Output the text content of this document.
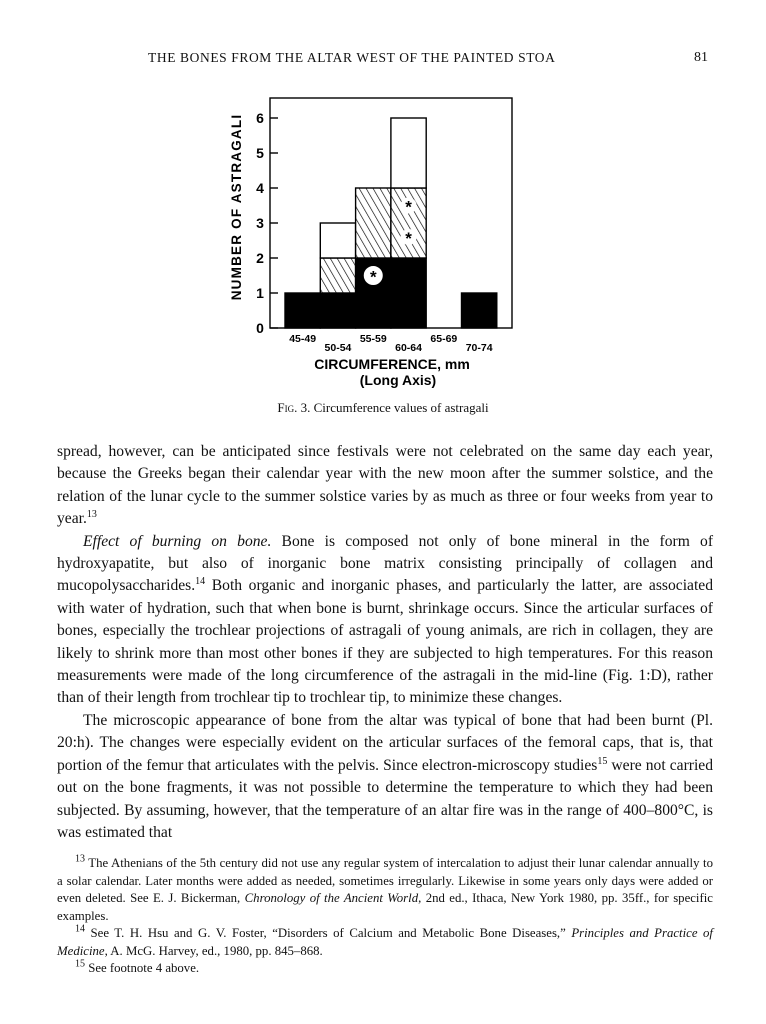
THE BONES FROM THE ALTAR WEST OF THE PAINTED STOA	81
0
1
2
3
4
5
6
*
*
*
45-49	55-59	65-69
50-54	60-64	70-74
NUMBER OF ASTRAGALI
CIRCUMFERENCE, mm
(Long Axis)
Fig. 3. Circumference values of astragali

spread, however, can be anticipated since festivals were not celebrated on the same day each year, because the Greeks began their calendar year with the new moon after the summer solstice, and the relation of the lunar cycle to the summer solstice varies by as much as three or four weeks from year to year.$^{13}$

Effect of burning on bone. Bone is composed not only of bone mineral in the form of hydroxyapatite, but also of inorganic bone matrix consisting principally of collagen and mucopolysaccharides.$^{14}$ Both organic and inorganic phases, and particularly the latter, are associated with water of hydration, such that when bone is burnt, shrinkage occurs. Since the articular surfaces of bones, especially the trochlear projections of astragali of young animals, are rich in collagen, they are likely to shrink more than most other bones if they are subjected to high temperatures. For this reason measurements were made of the long circumference of the astragali in the mid-line (Fig. 1:D), rather than of their length from trochlear tip to trochlear tip, to minimize these changes.

The microscopic appearance of bone from the altar was typical of bone that had been burnt (Pl. 20:h). The changes were especially evident on the articular surfaces of the femoral caps, that is, that portion of the femur that articulates with the pelvis. Since electron-microscopy studies$^{15}$ were not carried out on the bone fragments, it was not possible to determine the temperature to which they had been subjected. By assuming, however, that the temperature of an altar fire was in the range of 400–800°C, is was estimated that

$^{13}$ The Athenians of the 5th century did not use any regular system of intercalation to adjust their lunar calendar annually to a solar calendar. Later months were added as needed, sometimes irregularly. Likewise in some years only days were added or even deleted. See E. J. Bickerman, Chronology of the Ancient World, 2nd ed., Ithaca, New York 1980, pp. 35ff., for specific examples.

$^{14}$ See T. H. Hsu and G. V. Foster, “Disorders of Calcium and Metabolic Bone Diseases,” Principles and Practice of Medicine, A. McG. Harvey, ed., 1980, pp. 845–868.

$^{15}$ See footnote 4 above.
